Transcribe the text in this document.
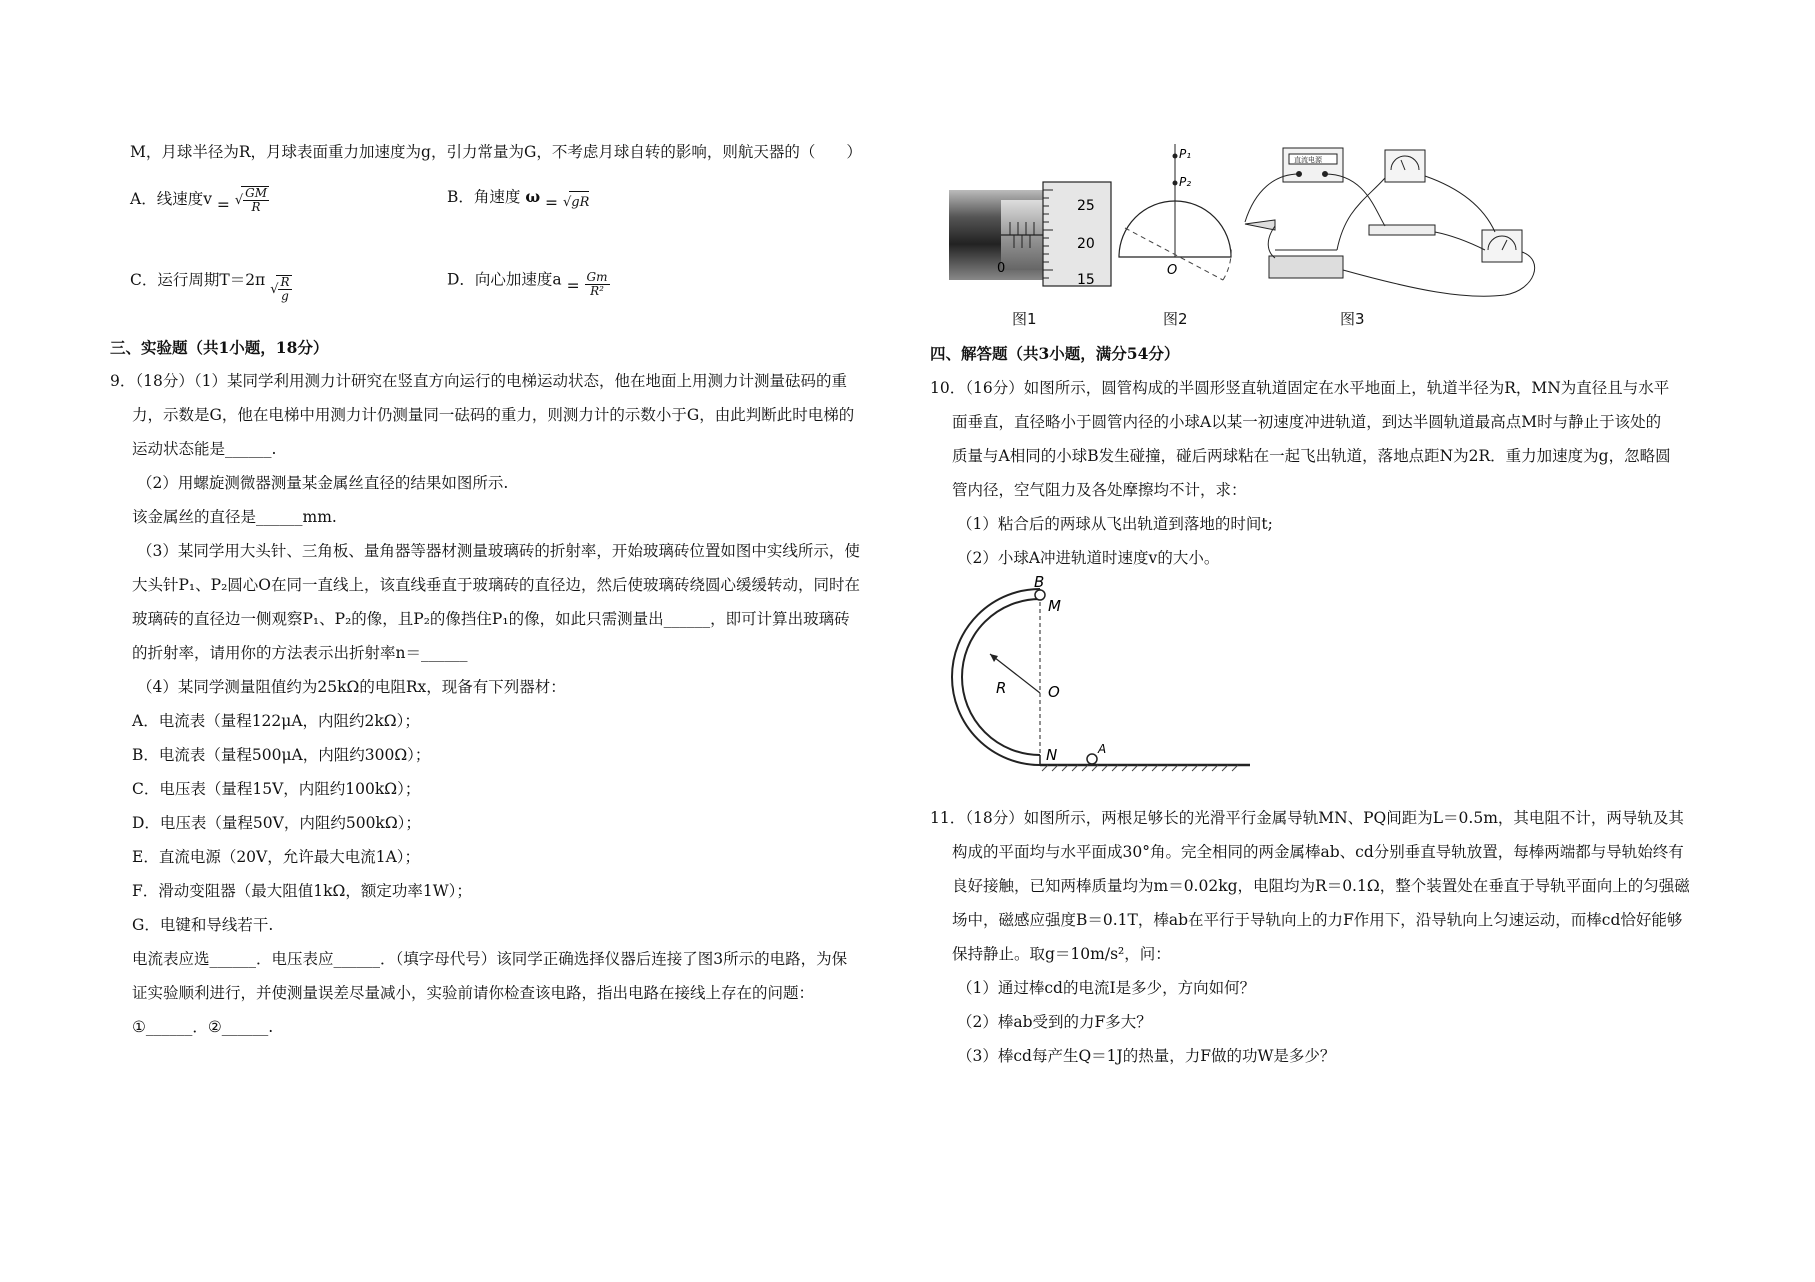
M，月球半径为R，月球表面重力加速度为g，引力常量为G，不考虑月球自转的影响，则航天器的（　　）
A．线速度v = √ $\frac{GM}{R}$	B．角速度 ω = √gR
C．运行周期T＝2π √ $\frac{R}{g}$	D．向心加速度$a = \frac{Gm}{\text{R²}}$
三、实验题（共1小题，18分）
9．（18分）（1）某同学利用测力计研究在竖直方向运行的电梯运动状态，他在地面上用测力计测量砝码的重
力，示数是G，他在电梯中用测力计仍测量同一砝码的重力，则测力计的示数小于G，由此判断此时电梯的
运动状态能是______.
（2）用螺旋测微器测量某金属丝直径的结果如图所示.
该金属丝的直径是______mm.
（3）某同学用大头针、三角板、量角器等器材测量玻璃砖的折射率，开始玻璃砖位置如图中实线所示，使
大头针P₁、P₂圆心O在同一直线上，该直线垂直于玻璃砖的直径边，然后使玻璃砖绕圆心缓缓转动，同时在
玻璃砖的直径边一侧观察P₁、P₂的像，且P₂的像挡住P₁的像，如此只需测量出______，即可计算出玻璃砖
的折射率，请用你的方法表示出折射率n＝______
（4）某同学测量阻值约为25kΩ的电阻Rx，现备有下列器材：
A．电流表（量程122μA，内阻约2kΩ）；
B．电流表（量程500μA，内阻约300Ω）；
C．电压表（量程15V，内阻约100kΩ）；
D．电压表（量程50V，内阻约500kΩ）；
E．直流电源（20V，允许最大电流1A）；
F．滑动变阻器（最大阻值1kΩ，额定功率1W）；
G．电键和导线若干.
电流表应选______．电压表应______．（填字母代号）该同学正确选择仪器后连接了图3所示的电路，为保
证实验顺利进行，并使测量误差尽量减小，实验前请你检查该电路，指出电路在接线上存在的问题：
①______．②______.
25
20
15
0
P₁
P₂
O
直流电源
图1	图2	图3
四、解答题（共3小题，满分54分）
10．（16分）如图所示，圆管构成的半圆形竖直轨道固定在水平地面上，轨道半径为R，MN为直径且与水平
面垂直，直径略小于圆管内径的小球A以某一初速度冲进轨道，到达半圆轨道最高点M时与静止于该处的
质量与A相同的小球B发生碰撞，碰后两球粘在一起飞出轨道，落地点距N为2R．重力加速度为g，忽略圆
管内径，空气阻力及各处摩擦均不计，求：
（1）粘合后的两球从飞出轨道到落地的时间t;
（2）小球A冲进轨道时速度v的大小。
B
M
R	O
N	A
11．（18分）如图所示，两根足够长的光滑平行金属导轨MN、PQ间距为L＝0.5m，其电阻不计，两导轨及其
构成的平面均与水平面成30°角。完全相同的两金属棒ab、cd分别垂直导轨放置，每棒两端都与导轨始终有
良好接触，已知两棒质量均为m＝0.02kg，电阻均为R＝0.1Ω，整个装置处在垂直于导轨平面向上的匀强磁
场中，磁感应强度B＝0.1T，棒ab在平行于导轨向上的力F作用下，沿导轨向上匀速运动，而棒cd恰好能够
保持静止。取g＝10m/s²，问：
（1）通过棒cd的电流I是多少，方向如何？
（2）棒ab受到的力F多大？
（3）棒cd每产生Q＝1J的热量，力F做的功W是多少？
